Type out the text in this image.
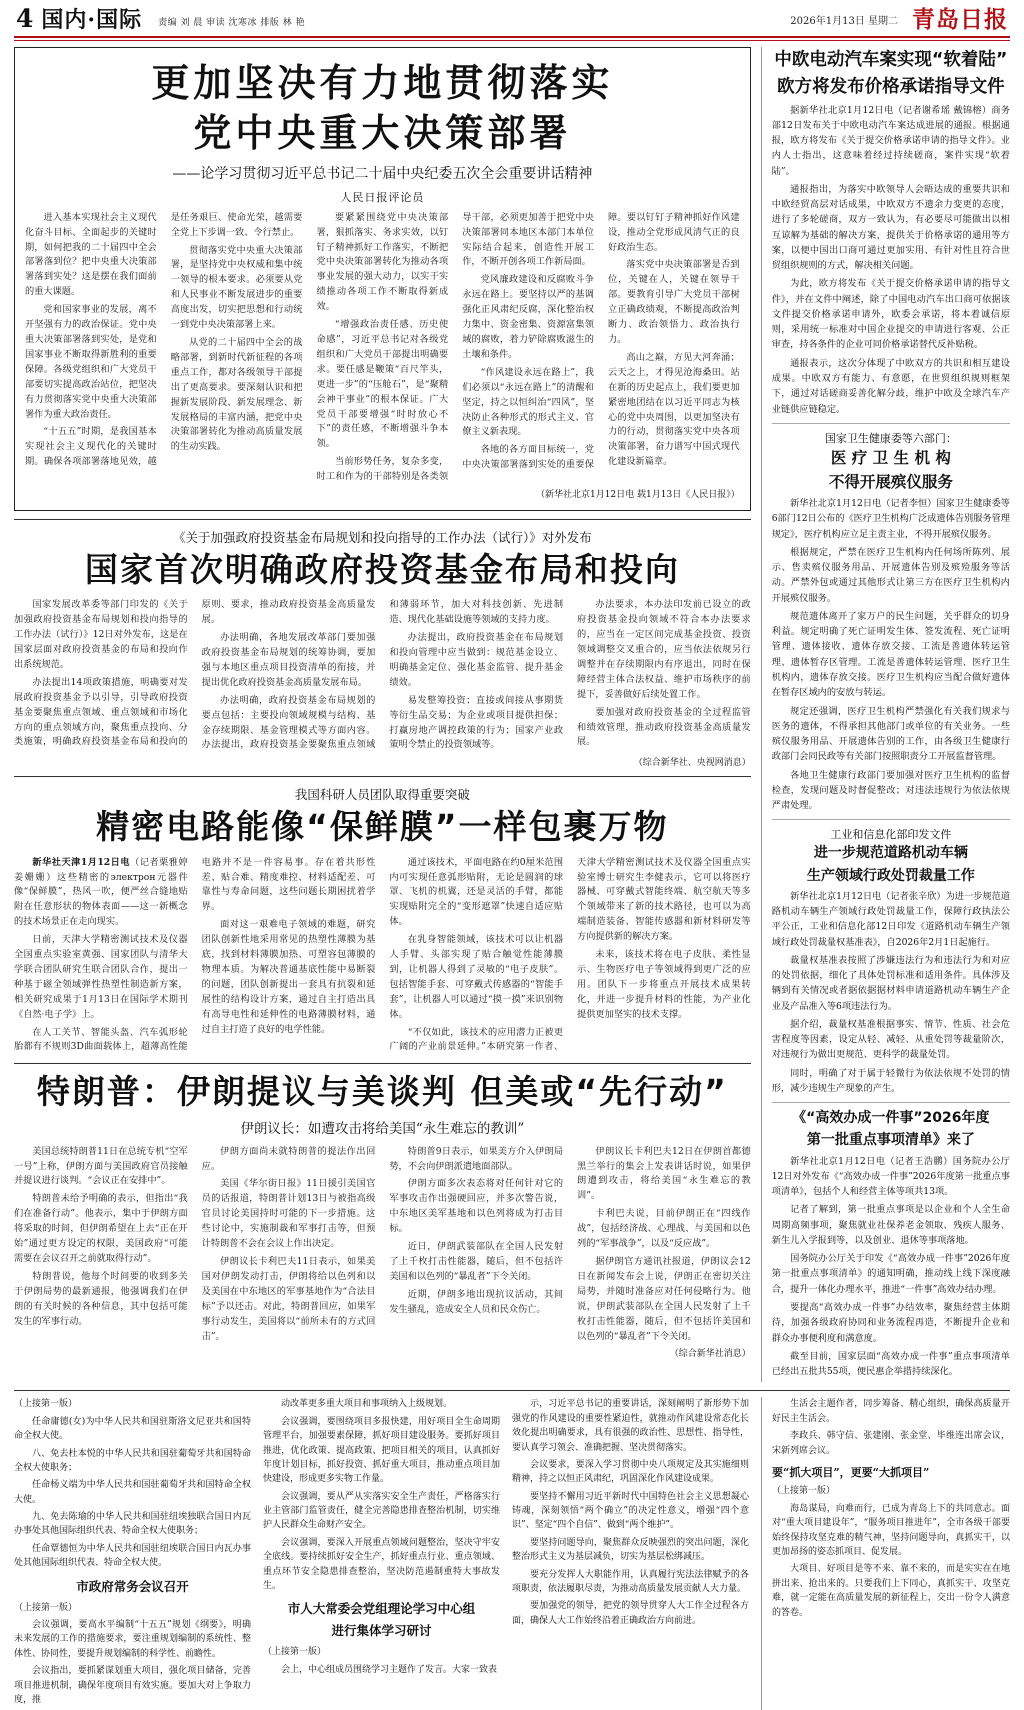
4 国内·国际 责编 刘 晨 审读 沈寒冰 排版 林 艳	2026年1月13日 星期二 青岛日报
更加坚决有力地贯彻落实
党中央重大决策部署
——论学习贯彻习近平总书记二十届中央纪委五次全会重要讲话精神
人民日报评论员

进入基本实现社会主义现代化奋斗目标、全面起步的关键时期，如何把我的二十届四中全会部署落到位？把中央重大决策部署落到实处？这是摆在我们面前的重大课题。

党和国家事业的发展，离不开坚强有力的政治保证。党中央重大决策部署落到实处，是党和国家事业不断取得新胜利的重要保障。各级党组织和广大党员干部要切实提高政治站位，把坚决有力贯彻落实党中央重大决策部署作为重大政治责任。

“十五五”时期，是我国基本实现社会主义现代化的关键时期。确保各项部署落地见效，越是任务艰巨、使命光荣，越需要全党上下步调一致、令行禁止。

贯彻落实党中央重大决策部署，是坚持党中央权威和集中统一领导的根本要求。必须要从党和人民事业不断发展进步的重要高度出发，切实把思想和行动统一到党中央决策部署上来。

从党的二十届四中全会的战略部署，到新时代新征程的各项重点工作，都对各级领导干部提出了更高要求。要深刻认识和把握新发展阶段、新发展理念、新发展格局的丰富内涵，把党中央决策部署转化为推动高质量发展的生动实践。

要紧紧围绕党中央决策部署，狠抓落实、务求实效，以钉钉子精神抓好工作落实，不断把党中央决策部署转化为推动各项事业发展的强大动力，以实干实绩推动各项工作不断取得新成效。

“增强政治责任感、历史使命感”，习近平总书记对各级党组织和广大党员干部提出明确要求。要任感是鞭策“百尺竿头，更进一步”的“压舱石”，是“聚精会神干事业”的根本保证。广大党员干部要增强“时时放心不下”的责任感，不断增强斗争本领。

当前形势任务，复杂多变，时工和作为的干部特别是各类领导干部，必须更加善于把党中央决策部署同本地区本部门本单位实际结合起来，创造性开展工作，不断开创各项工作新局面。

党风廉政建设和反腐败斗争永远在路上。要坚持以严的基调强化正风肃纪反腐，深化整治权力集中、资金密集、资源富集领域的腐败，着力铲除腐败滋生的土壤和条件。

“作风建设永远在路上”，我们必须以“永远在路上”的清醒和坚定，持之以恒纠治“四风”，坚决防止各种形式的形式主义、官僚主义新表现。

各地的各方面目标统一，党中央决策部署落到实处的重要保障。要以钉钉子精神抓好作风建设，推动全党形成风清气正的良好政治生态。

落实党中央决策部署是否到位，关键在人，关键在领导干部。要教育引导广大党员干部树立正确政绩观，不断提高政治判断力、政治领悟力、政治执行力。

高山之巅，方见大河奔涌；云天之上，才得见沧海桑田。站在新的历史起点上，我们要更加紧密地团结在以习近平同志为核心的党中央周围，以更加坚决有力的行动，贯彻落实党中央各项决策部署，奋力谱写中国式现代化建设新篇章。

（新华社北京1月12日电 载1月13日《人民日报》）
《关于加强政府投资基金布局规划和投向指导的工作办法（试行）》对外发布
国家首次明确政府投资基金布局和投向

国家发展改革委等部门印发的《关于加强政府投资基金布局规划和投向指导的工作办法（试行）》12日对外发布，这是在国家层面对政府投资基金的布局和投向作出系统规范。

办法提出14项政策措施，明确要对发展政府投资基金予以引导，引导政府投资基金要聚焦重点领域、重点领域和市场化方向的重点领域方向，聚焦重点投向、分类施策，明确政府投资基金布局和投向的原则、要求，推动政府投资基金高质量发展。

办法明确，各地发展改革部门要加强政府投资基金布局规划的统筹协调，要加强与本地区重点项目投资清单的衔接，并提出优化政府投资基金高质量发展布局。

办法明确，政府投资基金布局规划的要点包括：主要投向领域规模与结构、基金存续期限、基金管理模式等方面内容。办法提出，政府投资基金要聚焦重点领域和薄弱环节，加大对科技创新、先进制造、现代化基础设施等领域的支持力度。

办法提出，政府投资基金在布局规划和投向管理中应当做到：规范基金设立、明确基金定位、强化基金监管、提升基金绩效。

易发整筹投资；直接或间接从事期货等衍生品交易；为企业或项目提供担保；打赢房地产调控政策的行为；国家产业政策明令禁止的投资领域等。

办法要求，本办法印发前已设立的政府投资基金投向领域不符合本办法要求的，应当在一定区间完成基金投资、投资领域调整交叉重合的，应当依法依规另行调整并在存续期限内有序退出，同时在保障经营主体合法权益、维护市场秩序的前提下，妥善做好后续处置工作。

要加强对政府投资基金的全过程监管和绩效管理，推动政府投资基金高质量发展。

（综合新华社、央视网消息）
我国科研人员团队取得重要突破
精密电路能像“保鲜膜”一样包裹万物

新华社天津1月12日电（记者栗雅婷 姜姗姗）这些精密的электрон元器件像“保鲜膜”，热风一吹，便严丝合缝地贴附在任意形状的物体表面——这一新概念的技术场景正在走向现实。

日前，天津大学精密测试技术及仪器全国重点实验室黄强、国家团队与清华大学联合团队研究生联合团队合作，提出一种基于磁全领域弹性热塑性制造新方案，相关研究成果于1月13日在国际学术期刊《自然·电子学》上。

在人工关节、智能头盔、汽车弧形轮胎都有不规则3D曲面载体上，超薄高性能电路并不是一件容易事。存在着共形性差、贴合难、精度难控、材料适配差、可靠性与寿命问题，这些问题长期困扰着学界。

面对这一艰难电子领域的难题，研究团队创新性地采用常见的热塑性薄膜为基底，找到材料薄膜加热、可塑容包薄膜的物理本质。为解决普通基底性能中易断裂的问题，团队创新提出一套具有抗裂和延展性的结构设计方案，通过自主打造出具有高导电性和延伸性的电路薄膜材料，通过自主打造了良好的电学性能。

通过该技术，平面电路在约0厘米范围内可实现任意弧形贴附，无论是圆润的球罩、飞机的机翼，还是灵活的手臂，都能实现贴附完全的“变形遮罩”快速自适应贴体。

在乳身智能领域，该技术可以让机器人手臂、头部实现了贴合触觉性能薄膜到，让机器人得到了灵敏的“电子皮肤”。包括智能手套、可穿戴式传感器的“智能手套”，让机器人可以通过“摸一摸”来识别物体。

“不仅如此，该技术的应用潜力正被更广阔的产业前景延伸。”本研究第一作者、天津大学精密测试技术及仪器全国重点实验室博士研究生李健表示，它可以将医疗器械、可穿戴式智能终端、航空航天等多个领域带来了新的技术路径，也可以为高端制造装备、智能传感器和新材料研发等方向提供新的解决方案。

未来，该技术将在电子皮肤、柔性显示、生物医疗电子等领域得到更广泛的应用。团队下一步将重点开展技术成果转化，并进一步提升材料的性能，为产业化提供更加坚实的技术支撑。

特朗普：伊朗提议与美谈判 但美或“先行动”
伊朗议长：如遭攻击将给美国“永生难忘的教训”

美国总统特朗普11日在总统专机“空军一号”上称，伊朗方面与美国政府官员接触并提议进行谈判。“会议正在安排中”。

特朗普未给予明确的表示，但指出“我们在准备行动”。他表示，集中于伊朗方面将采取的时间，但伊朗希望在上去“正在开始”通过更方设定的权限，美国政府“可能需要在会议召开之前就取得行动”。

特朗普说，他每个时间要的收到多关于伊朗局势的最新通报，他强调我们在伊朗的有关时候的各种信息，其中包括可能发生的军事行动。

伊朗方面尚未就特朗普的提法作出回应。

美国《华尔街日报》11日援引美国官员的话报道，特朗普计划13日与被指高级官员讨论美国持时可能的下一步措施。这些讨论中，实施制裁和军事打击等，但预计特朗普不会在会议上作出决定。

伊朗议长卡利巴夫11日表示，如果美国对伊朗发动打击，伊朗将给以色列和以及美国在中东地区的军事基地作为“合法目标”予以还击。对此，特朗普回应，如果军事行动发生，美国将以“前所未有的方式回击”。

特朗普9日表示，如果美方介入伊朗局势，不会向伊朗派遣地面部队。

伊朗方面多次表态将对任何针对它的军事攻击作出强硬回应，并多次警告说，中东地区美军基地和以色列将成为打击目标。

近日，伊朗武装部队在全国人民发射了上千枚打击性能器，随后，但不包括许美国和以色列的“暴乱者”下令关闭。

近期，伊朗多地出现抗议活动，其间发生骚乱，造成安全人员和民众伤亡。

伊朗议长卡利巴夫12日在伊朗首都德黑兰举行的集会上发表讲话时说，如果伊朗遭到攻击，将给美国“永生难忘的教训”。

卡利巴夫说，目前伊朗正在“四线作战”，包括经济战、心理战、与美国和以色列的“军事战争”，以及“反应战”。

据伊朗官方通讯社报道，伊朗议会12日在新闻发布会上说，伊朗正在密切关注局势，并随时准备应对任何侵略行为。他说，伊朗武装部队在全国人民发射了上千枚打击性能器，随后，但不包括许美国和以色列的“暴乱者”下令关闭。

（综合新华社消息）
中欧电动汽车案实现“软着陆”
欧方将发布价格承诺指导文件

据新华社北京1月12日电（记者谢希瑶 戴锦榕）商务部12日发布关于中欧电动汽车案达成进展的通报。根据通报，欧方将发布《关于提交价格承诺申请的指导文件》。业内人士指出，这意味着经过持续磋商，案件实现“软着陆”。

通报指出，为落实中欧领导人会晤达成的重要共识和中欧经贸高层对话成果，中欧双方不遗余力变更的态度，进行了多轮磋商，双方一致认为，有必要尽可能做出以相互谅解为基础的解决方案，提供关于价格承诺的通用等方案，以便中国出口商可通过更加实用、有针对性且符合世贸组织规则的方式，解决相关问题。

为此，欧方将发布《关于提交价格承诺申请的指导文件》，并在文件中阐述，除了中国电动汽车出口商可依据该文件提交价格承诺申请外，欧委会承诺，将本着诚信原则，采用统一标准对中国企业提交的申请进行客观、公正审查，持各条件的企业可同价格承诺替代反补贴税。

通报表示，这次分体现了中欧双方的共识和相互建设成果。中欧双方有能力、有意愿，在世贸组织规则框架下，通过对话磋商妥善化解分歧，维护中欧及全球汽车产业链供应链稳定。

国家卫生健康委等六部门：
医 疗 卫 生 机 构
不得开展殡仪服务

新华社北京1月12日电（记者李恒）国家卫生健康委等6部门12日公布的《医疗卫生机构广泛成遗体告别服务管理规定》，医疗机构应立足主责主业，不得开展殡仪服务。

根据规定，严禁在医疗卫生机构内任何场所陈列、展示、售卖殡仪服务用品、开展遗体告别及殡殓服务等活动。严禁外包或通过其他形式让第三方在医疗卫生机构内开展殡仪服务。

规范遗体离开了家万户的民生问题，关乎群众的切身利益。规定明确了死亡证明发生体、签发流程、死亡证明管理、遗体接收、遗体存放交接、工流是善遗体转运管理、遗体暂存区管理。工流是善遗体转运管理、医疗卫生机构内，遗体存放交接。医疗卫生机构应当配合做好遗体在暂存区域内的安放与转运。

规定还强调，医疗卫生机构严禁强化有关我们规求与医务的遗体，不得承担其他部门或单位的有关业务。一些殡仪服务用品、开展遗体告别的工作，由各级卫生健康行政部门会同民政等有关部门按照职责分工开展监督管理。

各地卫生健康行政部门要加强对医疗卫生机构的监督检查，发现问题及时督促整改；对违法违规行为依法依规严肃处理。

工业和信息化部印发文件
进一步规范道路机动车辆
生产领域行政处罚裁量工作

新华社北京1月12日电（记者张辛欣）为进一步规范道路机动车辆生产领域行政处罚裁量工作，保障行政执法公平公正，工业和信息化部12日印发《道路机动车辆生产领域行政处罚裁量权基准表》，自2026年2月1日起施行。

裁量权基准表按照了涉嫌违法行为和违法行为和对应的处罚依据，细化了具体处罚标准和适用条件。具体涉及辆到有关情况或者据依据据材料申请道路机动车辆生产企业及产品准入等6项违法行为。

据介绍，裁量权基准根据事实、情节、性质、社会危害程度等因素，设定从轻、减轻、从重处罚等裁量阶次，对违规行为做出更规范、更科学的裁量处罚。

同时，明确了对于属于轻微行为依法依规不处罚的情形，减少违规生产现象的产生。

《“高效办成一件事”2026年度
第一批重点事项清单》来了

新华社北京1月12日电（记者王浩鹏）国务院办公厅12日对外发布《“高效办成一件事”2026年度第一批重点事项清单》，包括个人和经营主体等项共13项。

记者了解到，第一批重点事项是以企业和个人全生命周期高频事项，聚焦就业社保养老金领取、残疾人服务、新生儿入学报到等，以及创业、退休等事项落地。

国务院办公厅关于印发《“高效办成一件事”2026年度第一批重点事项清单》的通知明确，推动线上线下深度融合，提升一体化办理水平，推进“一件事”高效办结办理。

要提高“高效办成一件事”办结效率，聚焦经营主体期待，加强各级政府协同和业务流程再造，不断提升企业和群众办事便利度和满意度。

截至目前，国家层面“高效办成一件事”重点事项清单已经出五批共55项，便民惠企举措持续深化。

（上接第一版）

任命庸德(女)为中华人民共和国驻斯洛文尼亚共和国特命全权大使。

八、免去杜本悦的中华人民共和国驻葡萄牙共和国特命全权大使职务；

任命杨义端为中华人民共和国驻葡萄牙共和国特命全权大使。

九、免去陈瑜的中华人民共和国驻纽埃独联合国日内瓦办事处其他国际组织代表、特命全权大使职务；

任命覃德恒为中华人民共和国驻纽埃联合国日内瓦办事处其他国际组织代表、特命全权大使。

市政府常务会议召开
（上接第一版）

会议强调，要高水平编制“十五五”规划《纲要》，明确未来发展的工作的措施要求，要注重规划编制的系统性、整体性、协同性，要提升规划编制的科学性、前瞻性。

会议指出，要抓紧谋划重大项目，强化项目储备，完善项目推进机制，确保年度项目有效实施。要加大对上争取力度，推

动改革更多重大项目和事项纳入上级规划。

会议强调，要围绕项目多报快建，用好项目全生命周期管理平台，加强要素保障，抓好项目建设服务。要抓好项目推进，优化政策、提高政策、把项目相关的项目，认真抓好年度计划目标，抓好投资、抓好重大项目，推动重点项目加快建设，形成更多实物工作量。

会议强调，要从严从实落实安全生产责任，严格落实行业主管部门监管责任，健全完善隐患排查整治机制，切实维护人民群众生命财产安全。

会议强调，要深入开展重点领域问题整治，坚决守牢安全底线。要持续抓好安全生产，抓好重点行业、重点领域、重点环节安全隐患排查整治，坚决防范遏制重特大事故发生。

市人大常委会党组理论学习中心组
进行集体学习研讨
（上接第一版）

会上，中心组成员围绕学习主题作了发言。大家一致表

示，习近平总书记的重要讲话，深刻阐明了新形势下加强党的作风建设的重要性紧迫性，就推动作风建设常态化长效化提出明确要求，具有很强的政治性、思想性、指导性，要认真学习领会、准确把握、坚决贯彻落实。

会议要求，要深入学习贯彻中央八项规定及其实施细则精神，持之以恒正风肃纪，巩固深化作风建设成果。

要坚持不懈用习近平新时代中国特色社会主义思想凝心铸魂，深刻领悟“两个确立”的决定性意义，增强“四个意识”、坚定“四个自信”、做到“两个维护”。

要坚持问题导向，聚焦群众反映强烈的突出问题，深化整治形式主义为基层减负，切实为基层松绑减压。

要充分发挥人大职能作用，认真履行宪法法律赋予的各项职责，依法履职尽责，为推动高质量发展贡献人大力量。

要加强党的领导，把党的领导贯穿人大工作全过程各方面，确保人大工作始终沿着正确政治方向前进。

生活会主题作者，同步筹备、精心组织，确保高质量开好民主生活会。

李政兵、韩守信、张建刚、张金堂、毕维连出席会议，宋新列席会议。

要“抓大项目”，更要“大抓项目”
（上接第一版）

海岛谋局，向难而行，已成为青岛上下的共同意志。面对“重大项目建设年”，“服务项目推进年”，全市各级干部要始终保持攻坚克难的精气神，坚持问题导向，真抓实干，以更加昂扬的姿态抓项目、促发展。

大项目、好项目是等不来、靠不来的，而是实实在在地拼出来、抢出来的。只要我们上下同心，真抓实干、攻坚克难，就一定能在高质量发展的新征程上，交出一份令人满意的答卷。
